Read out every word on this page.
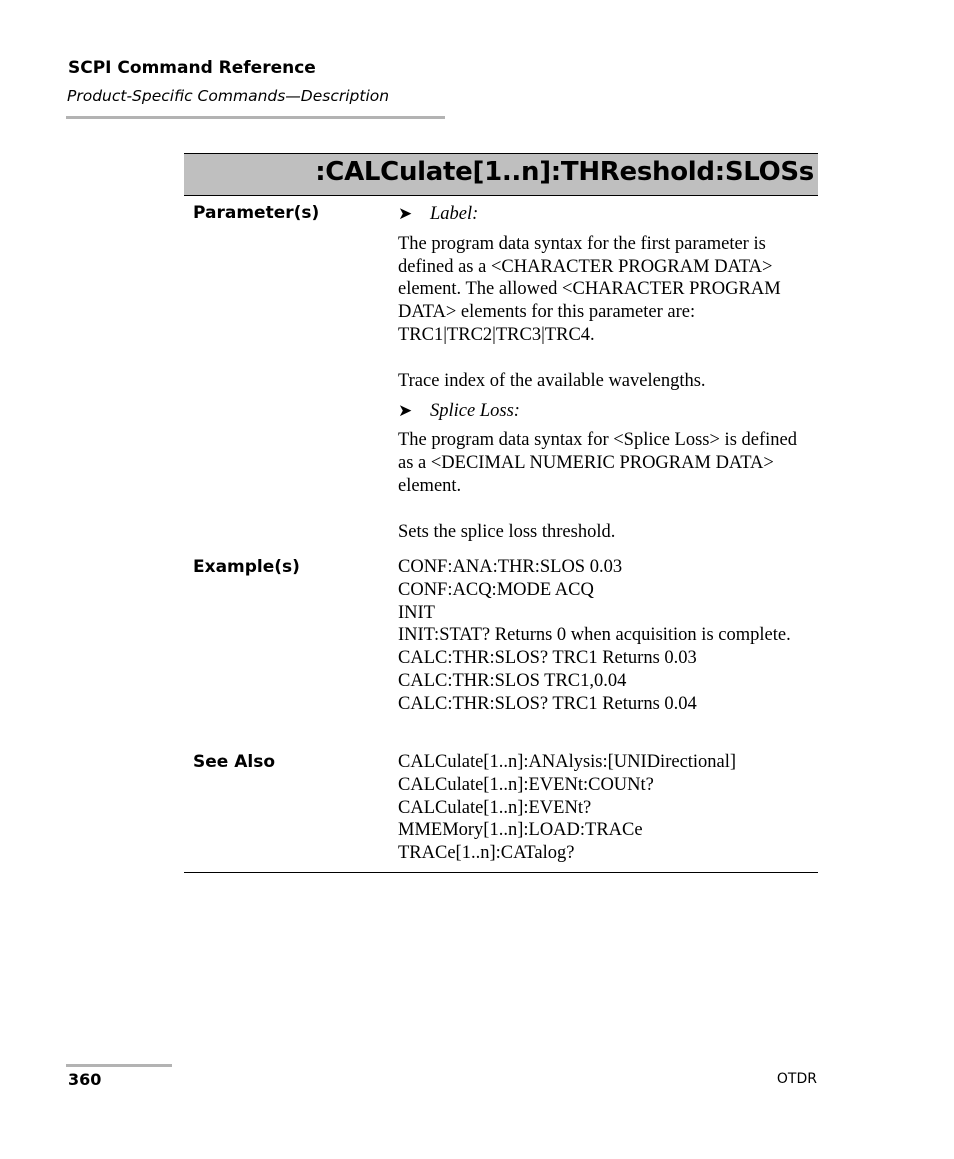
SCPI Command Reference
Product-Specific Commands—Description
:CALCulate[1..n]:THReshold:SLOSs
Parameter(s)	➤ Label:

The program data syntax for the first parameter is defined as a <CHARACTER PROGRAM DATA> element. The allowed <CHARACTER PROGRAM DATA> elements for this parameter are: TRC1|TRC2|TRC3|TRC4.

Trace index of the available wavelengths.

➤ Splice Loss:

The program data syntax for <Splice Loss> is defined as a <DECIMAL NUMERIC PROGRAM DATA> element.

Sets the splice loss threshold.

Example(s)	CONF:ANA:THR:SLOS 0.03

CONF:ACQ:MODE ACQ

INIT

INIT:STAT? Returns 0 when acquisition is complete.

CALC:THR:SLOS? TRC1 Returns 0.03

CALC:THR:SLOS TRC1,0.04

CALC:THR:SLOS? TRC1 Returns 0.04

See Also	CALCulate[1..n]:ANAlysis:[UNIDirectional]

CALCulate[1..n]:EVENt:COUNt?

CALCulate[1..n]:EVENt?

MMEMory[1..n]:LOAD:TRACe

TRACe[1..n]:CATalog?

360	OTDR
